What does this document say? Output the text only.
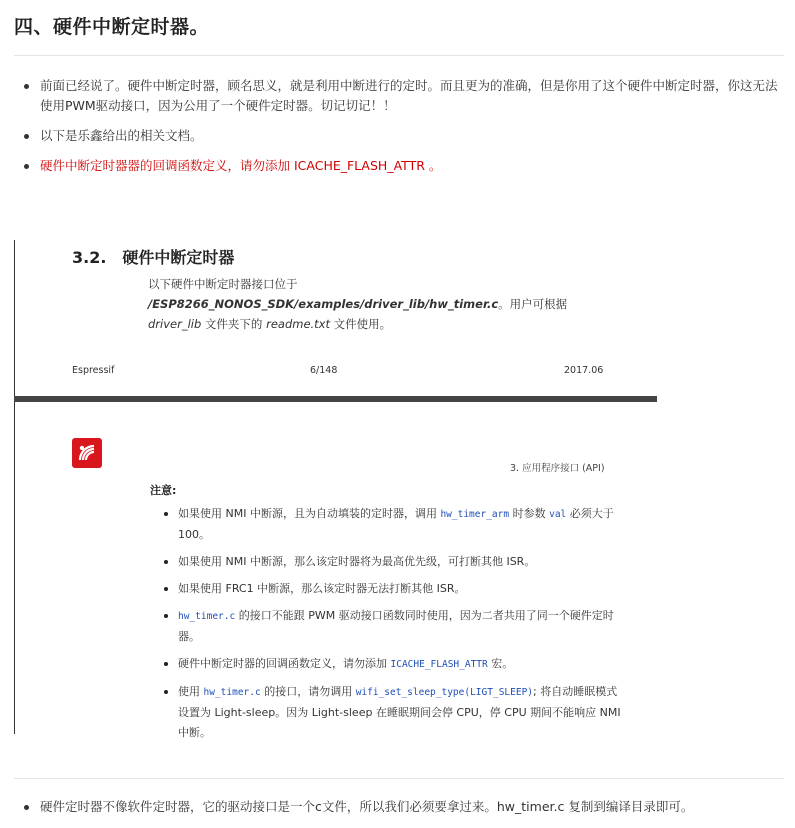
四、硬件中断定时器。
前面已经说了。硬件中断定时器，顾名思义，就是利用中断进行的定时。而且更为的准确，但是你用了这个硬件中断定时器，你这无法使用PWM驱动接口，因为公用了一个硬件定时器。切记切记！！
以下是乐鑫给出的相关文档。
硬件中断定时器器的回调函数定义，请勿添加 ICACHE_FLASH_ATTR 。
3.2. 硬件中断定时器
以下硬件中断定时器接口位于 /ESP8266_NONOS_SDK/examples/driver_lib/hw_timer.c。用户可根据 driver_lib 文件夹下的 readme.txt 文件使用。
Espressif	6/148	2017.06
3. 应用程序接口 (API)
注意:
如果使用 NMI 中断源，且为自动填装的定时器，调用 hw_timer_arm 时参数 val 必须大于 100。
如果使用 NMI 中断源，那么该定时器将为最高优先级，可打断其他 ISR。
如果使用 FRC1 中断源，那么该定时器无法打断其他 ISR。
hw_timer.c 的接口不能跟 PWM 驱动接口函数同时使用，因为二者共用了同一个硬件定时器。
硬件中断定时器的回调函数定义，请勿添加 ICACHE_FLASH_ATTR 宏。
使用 hw_timer.c 的接口，请勿调用 wifi_set_sleep_type(LIGT_SLEEP); 将自动睡眠模式设置为 Light-sleep。因为 Light-sleep 在睡眠期间会停 CPU，停 CPU 期间不能响应 NMI 中断。
硬件定时器不像软件定时器，它的驱动接口是一个c文件，所以我们必须要拿过来。hw_timer.c 复制到编译目录即可。
